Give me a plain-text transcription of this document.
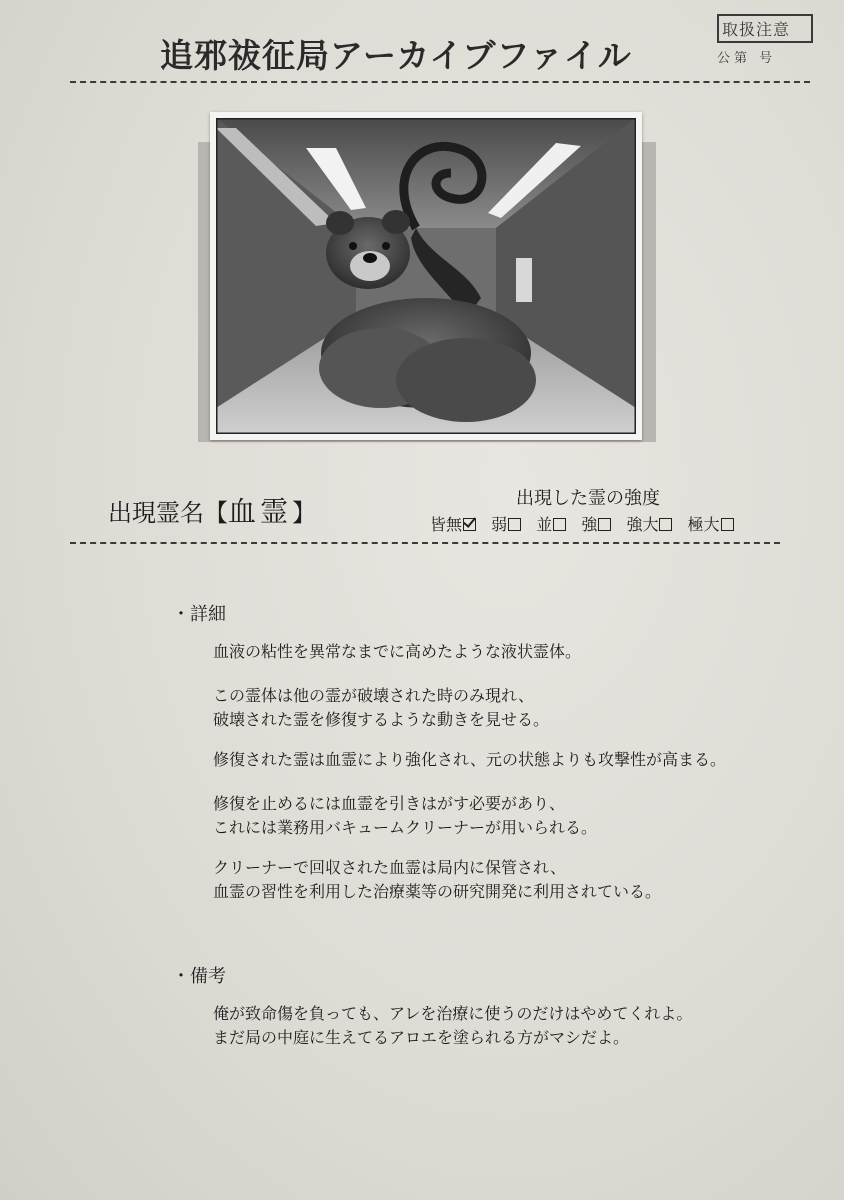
追邪祓征局アーカイブファイル
取扱注意
公第 号
出現霊名【血霊】
出現した霊の強度
皆無 弱 並 強 強大 極大
・詳細
血液の粘性を異常なまでに高めたような液状霊体。
この霊体は他の霊が破壊された時のみ現れ、
破壊された霊を修復するような動きを見せる。
修復された霊は血霊により強化され、元の状態よりも攻撃性が高まる。
修復を止めるには血霊を引きはがす必要があり、
これには業務用バキュームクリーナーが用いられる。
クリーナーで回収された血霊は局内に保管され、
血霊の習性を利用した治療薬等の研究開発に利用されている。
・備考
俺が致命傷を負っても、アレを治療に使うのだけはやめてくれよ。
まだ局の中庭に生えてるアロエを塗られる方がマシだよ。
